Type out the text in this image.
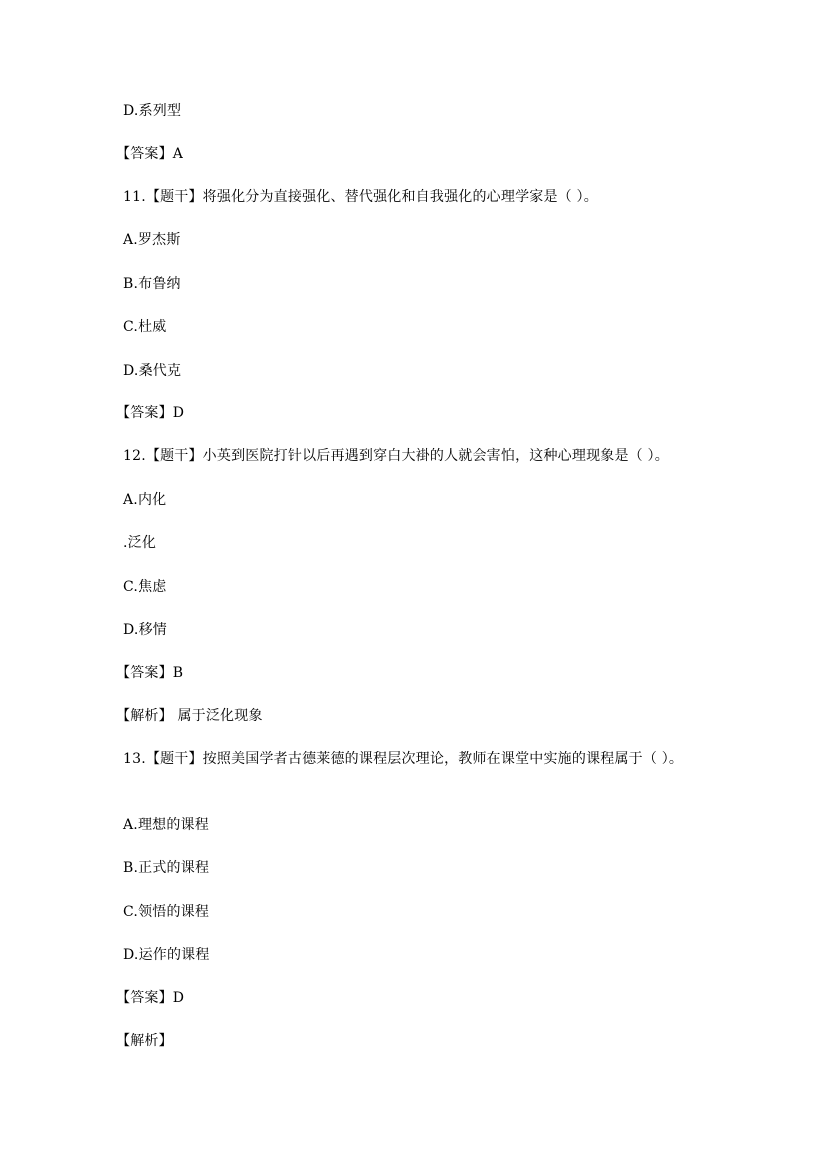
D.系列型
【答案】A
11.【题干】将强化分为直接强化、替代强化和自我强化的心理学家是（ ）。
A.罗杰斯
B.布鲁纳
C.杜威
D.桑代克
【答案】D
12.【题干】小英到医院打针以后再遇到穿白大褂的人就会害怕，这种心理现象是（ ）。
A.内化
.泛化
C.焦虑
D.移情
【答案】B
【解析】 属于泛化现象
13.【题干】按照美国学者古德莱德的课程层次理论，教师在课堂中实施的课程属于（ ）。
A.理想的课程
B.正式的课程
C.领悟的课程
D.运作的课程
【答案】D
【解析】
